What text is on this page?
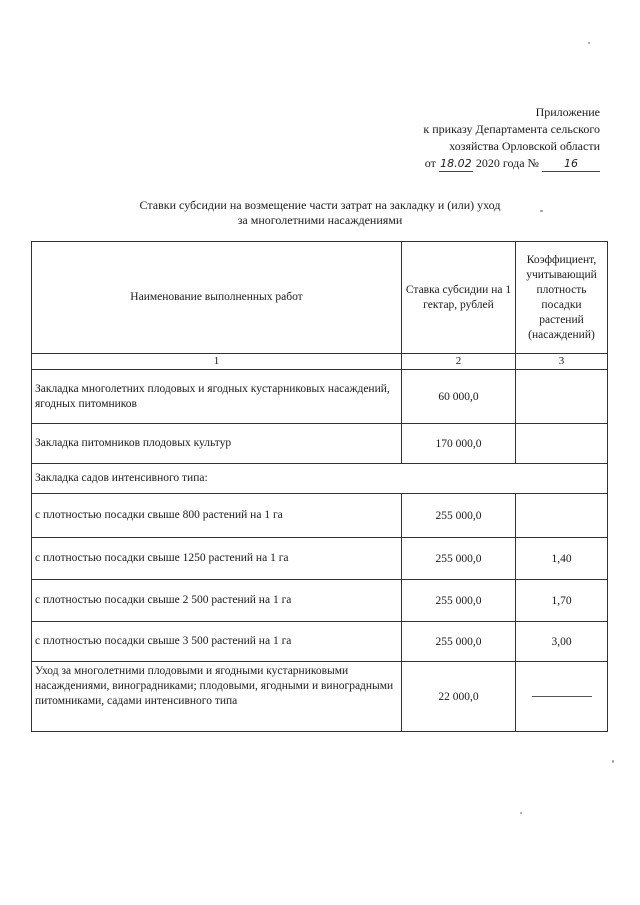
Приложение
к приказу Департамента сельского
хозяйства Орловской области
от 18.02 2020 года № 16
Ставки субсидии на возмещение части затрат на закладку и (или) уход
за многолетними насаждениями
Наименование выполненных работ	Ставка субсидии на 1 гектар, рублей	Коэффициент, учитывающий плотность посадки растений (насаждений)
1	2	3
Закладка многолетних плодовых и ягодных кустарниковых насаждений, ягодных питомников	60 000,0	
Закладка питомников плодовых культур	170 000,0	
Закладка садов интенсивного типа:		
с плотностью посадки свыше 800 растений на 1 га	255 000,0	
с плотностью посадки свыше 1250 растений на 1 га	255 000,0	1,40
с плотностью посадки свыше 2 500 растений на 1 га	255 000,0	1,70
с плотностью посадки свыше 3 500 растений на 1 га	255 000,0	3,00
Уход за многолетними плодовыми и ягодными кустарниковыми насаждениями, виноградниками; плодовыми, ягодными и виноградными питомниками, садами интенсивного типа	22 000,0	
